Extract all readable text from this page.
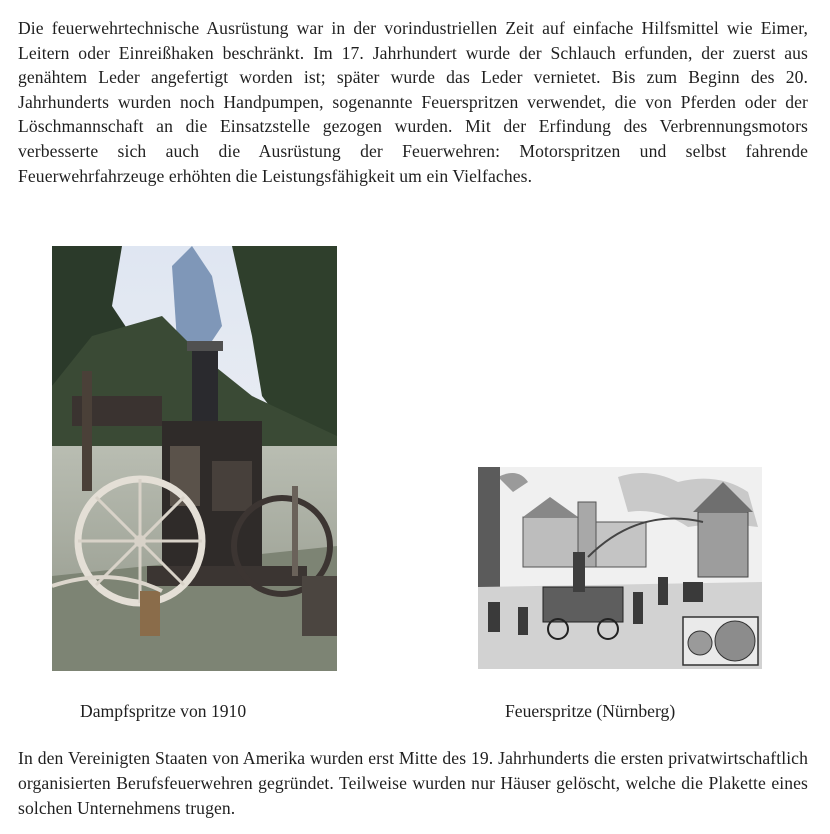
Die feuerwehrtechnische Ausrüstung war in der vorindustriellen Zeit auf einfache Hilfsmittel wie Eimer, Leitern oder Einreißhaken beschränkt. Im 17. Jahrhundert wurde der Schlauch erfunden, der zuerst aus genähtem Leder angefertigt worden ist; später wurde das Leder vernietet. Bis zum Beginn des 20. Jahrhunderts wurden noch Handpumpen, sogenannte Feuerspritzen verwendet, die von Pferden oder der Löschmannschaft an die Einsatzstelle gezogen wurden. Mit der Erfindung des Verbrennungsmotors verbesserte sich auch die Ausrüstung der Feuerwehren: Motorspritzen und selbst fahrende Feuerwehrfahrzeuge erhöhten die Leistungsfähigkeit um ein Vielfaches.

Dampfspritze von 1910	Feuerspritze (Nürnberg)

In den Vereinigten Staaten von Amerika wurden erst Mitte des 19. Jahrhunderts die ersten privatwirtschaftlich organisierten Berufsfeuerwehren gegründet. Teilweise wurden nur Häuser gelöscht, welche die Plakette eines solchen Unternehmens trugen.
